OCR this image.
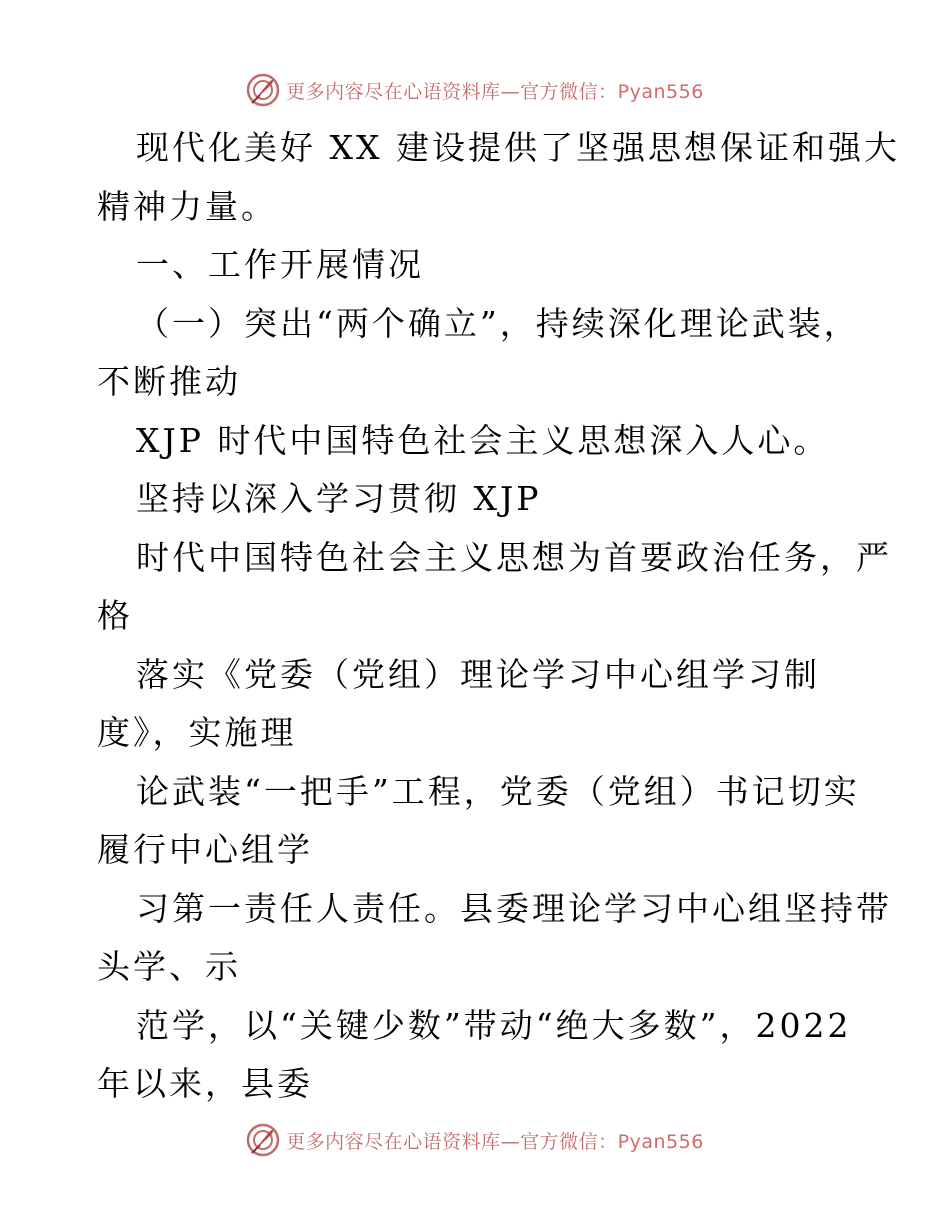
更多内容尽在心语资料库—官方微信：Pyan556
现代化美好 XX 建设提供了坚强思想保证和强大
精神力量。
一、工作开展情况
（一）突出“两个确立”，持续深化理论武装，
不断推动
XJP 时代中国特色社会主义思想深入人心。
坚持以深入学习贯彻 XJP
时代中国特色社会主义思想为首要政治任务，严
格
落实《党委（党组）理论学习中心组学习制
度》，实施理
论武装“一把手”工程，党委（党组）书记切实
履行中心组学
习第一责任人责任。县委理论学习中心组坚持带
头学、示
范学，以“关键少数”带动“绝大多数”，2022
年以来，县委
更多内容尽在心语资料库—官方微信：Pyan556
